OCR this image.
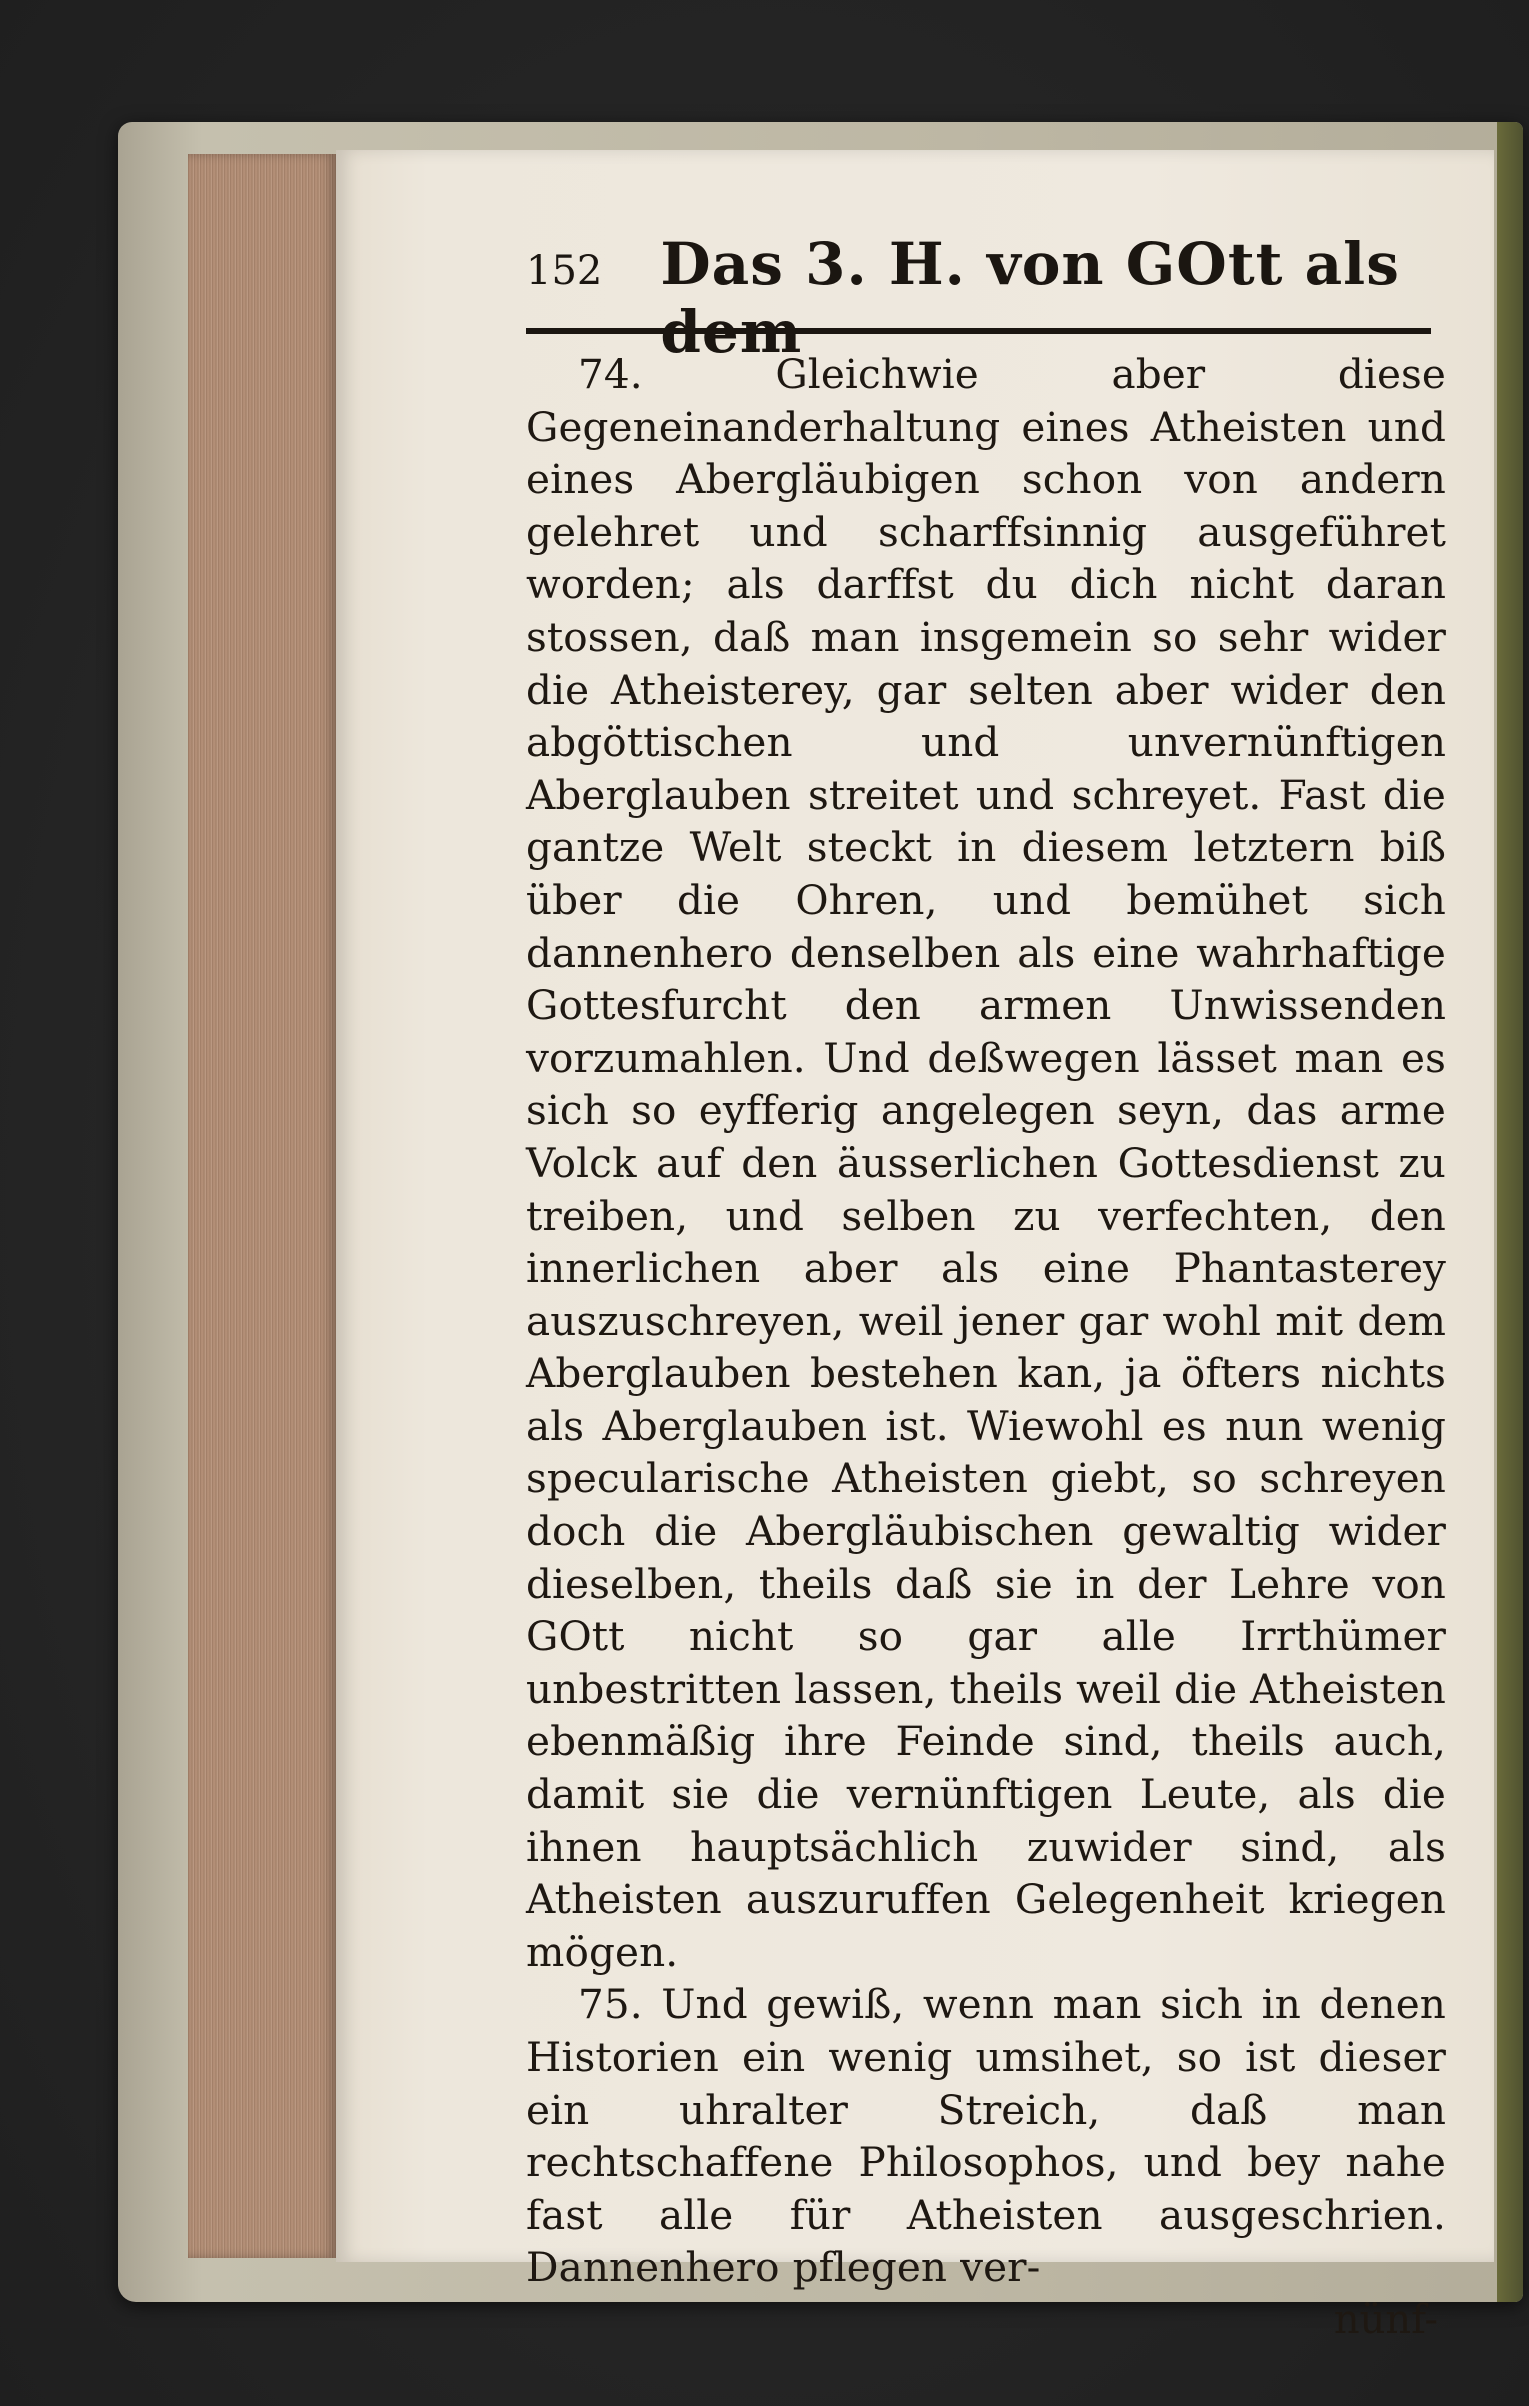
152 Das 3. H. von GOtt als dem

74. Gleichwie aber diese Gegeneinanderhaltung eines Atheisten und eines Abergläubigen schon von andern gelehret und scharffsinnig ausgeführet worden; als darffst du dich nicht daran stossen, daß man insgemein so sehr wider die Atheisterey, gar selten aber wider den abgöttischen und unvernünftigen Aberglauben streitet und schreyet. Fast die gantze Welt steckt in diesem letztern biß über die Ohren, und bemühet sich dannenhero denselben als eine wahrhaftige Gottesfurcht den armen Unwissenden vorzumahlen. Und deßwegen lässet man es sich so eyfferig angelegen seyn, das arme Volck auf den äusserlichen Gottesdienst zu treiben, und selben zu verfechten, den innerlichen aber als eine Phantasterey auszuschreyen, weil jener gar wohl mit dem Aberglauben bestehen kan, ja öfters nichts als Aberglauben ist. Wiewohl es nun wenig specularische Atheisten giebt, so schreyen doch die Abergläubischen gewaltig wider dieselben, theils daß sie in der Lehre von GOtt nicht so gar alle Irrthümer unbestritten lassen, theils weil die Atheisten ebenmäßig ihre Feinde sind, theils auch, damit sie die vernünftigen Leute, als die ihnen hauptsächlich zuwider sind, als Atheisten auszuruffen Gelegenheit kriegen mögen.

75. Und gewiß, wenn man sich in denen Historien ein wenig umsihet, so ist dieser ein uhralter Streich, daß man rechtschaffene Philosophos, und bey nahe fast alle für Atheisten ausgeschrien. Dannenhero pflegen ver-

nünf-
